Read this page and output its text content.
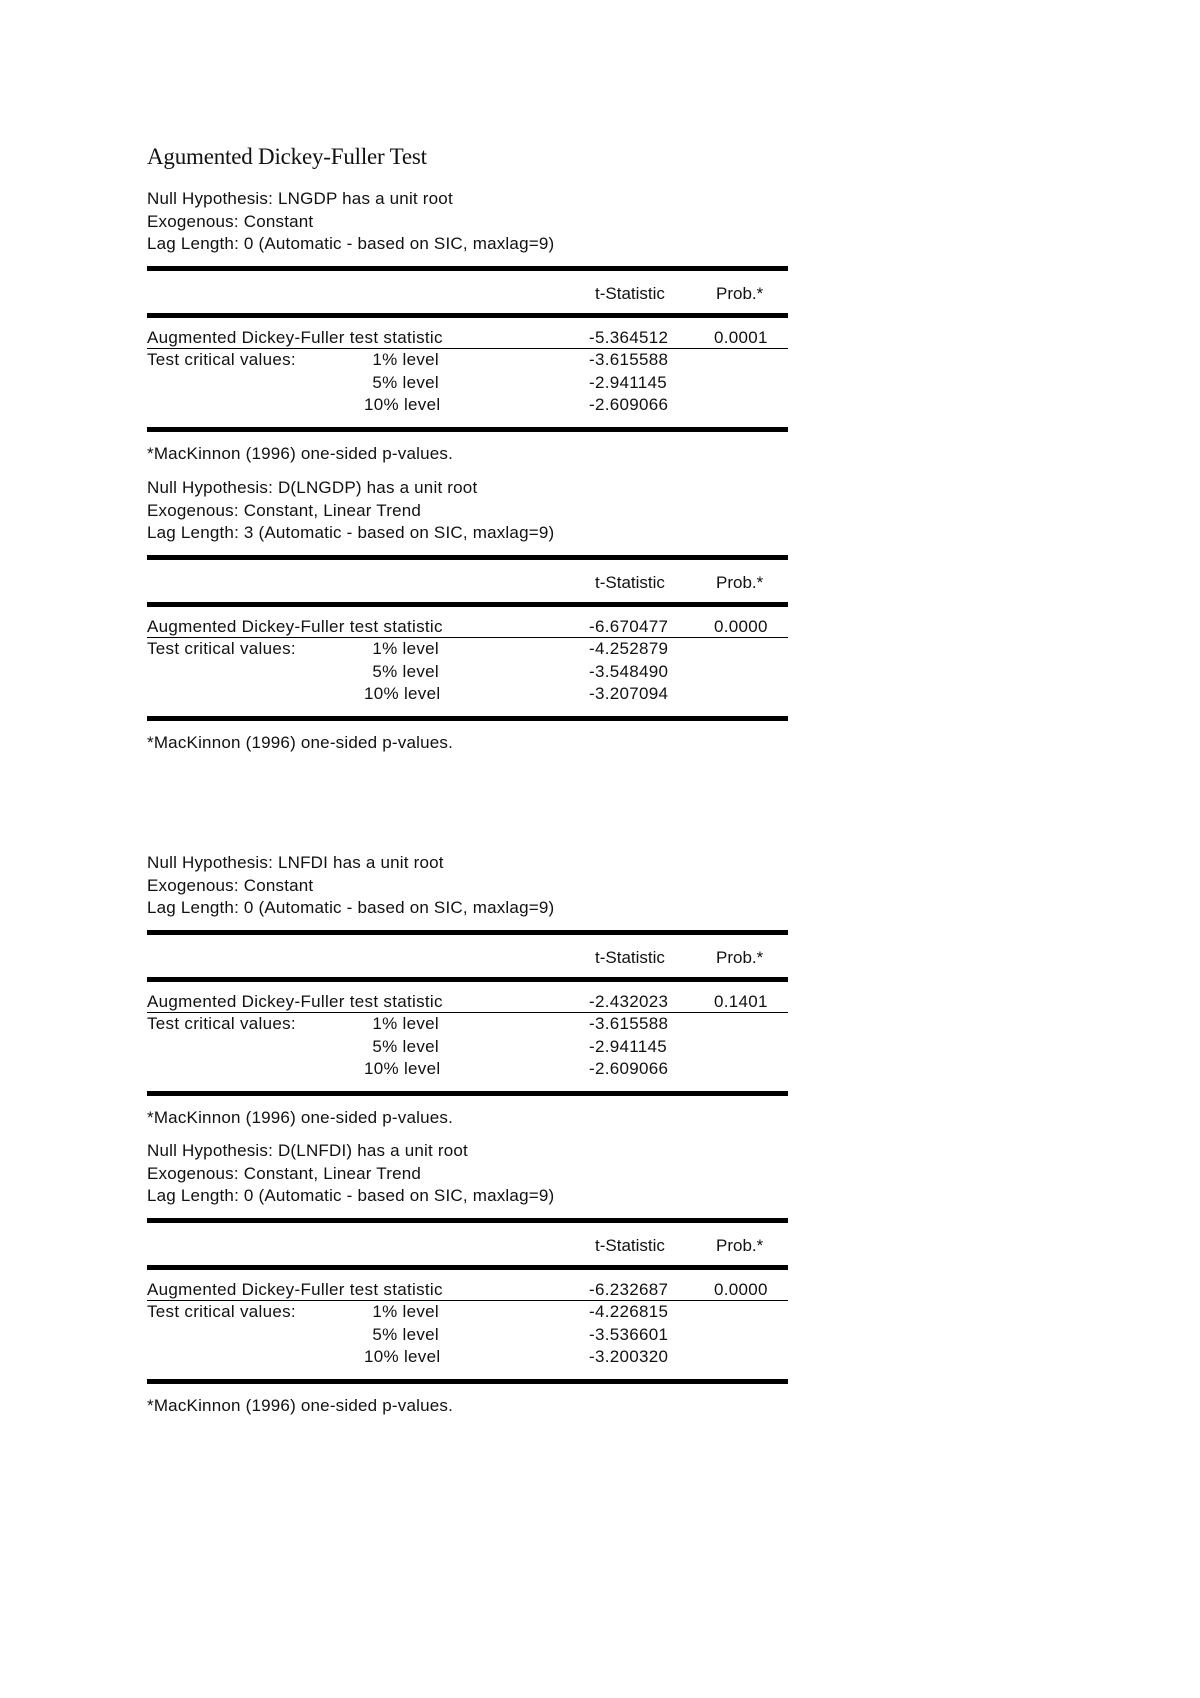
Agumented Dickey-Fuller Test
Null Hypothesis: LNGDP has a unit root
Exogenous: Constant
Lag Length: 0 (Automatic - based on SIC, maxlag=9)
t-Statistic	Prob.*
Augmented Dickey-Fuller test statistic	-5.364512	0.0001
Test critical values:	1% level	-3.615588
5% level	-2.941145
10% level	-2.609066
*MacKinnon (1996) one-sided p-values.
Null Hypothesis: D(LNGDP) has a unit root
Exogenous: Constant, Linear Trend
Lag Length: 3 (Automatic - based on SIC, maxlag=9)
t-Statistic	Prob.*
Augmented Dickey-Fuller test statistic	-6.670477	0.0000
Test critical values:	1% level	-4.252879
5% level	-3.548490
10% level	-3.207094
*MacKinnon (1996) one-sided p-values.
Null Hypothesis: LNFDI has a unit root
Exogenous: Constant
Lag Length: 0 (Automatic - based on SIC, maxlag=9)
t-Statistic	Prob.*
Augmented Dickey-Fuller test statistic	-2.432023	0.1401
Test critical values:	1% level	-3.615588
5% level	-2.941145
10% level	-2.609066
*MacKinnon (1996) one-sided p-values.
Null Hypothesis: D(LNFDI) has a unit root
Exogenous: Constant, Linear Trend
Lag Length: 0 (Automatic - based on SIC, maxlag=9)
t-Statistic	Prob.*
Augmented Dickey-Fuller test statistic	-6.232687	0.0000
Test critical values:	1% level	-4.226815
5% level	-3.536601
10% level	-3.200320
*MacKinnon (1996) one-sided p-values.
